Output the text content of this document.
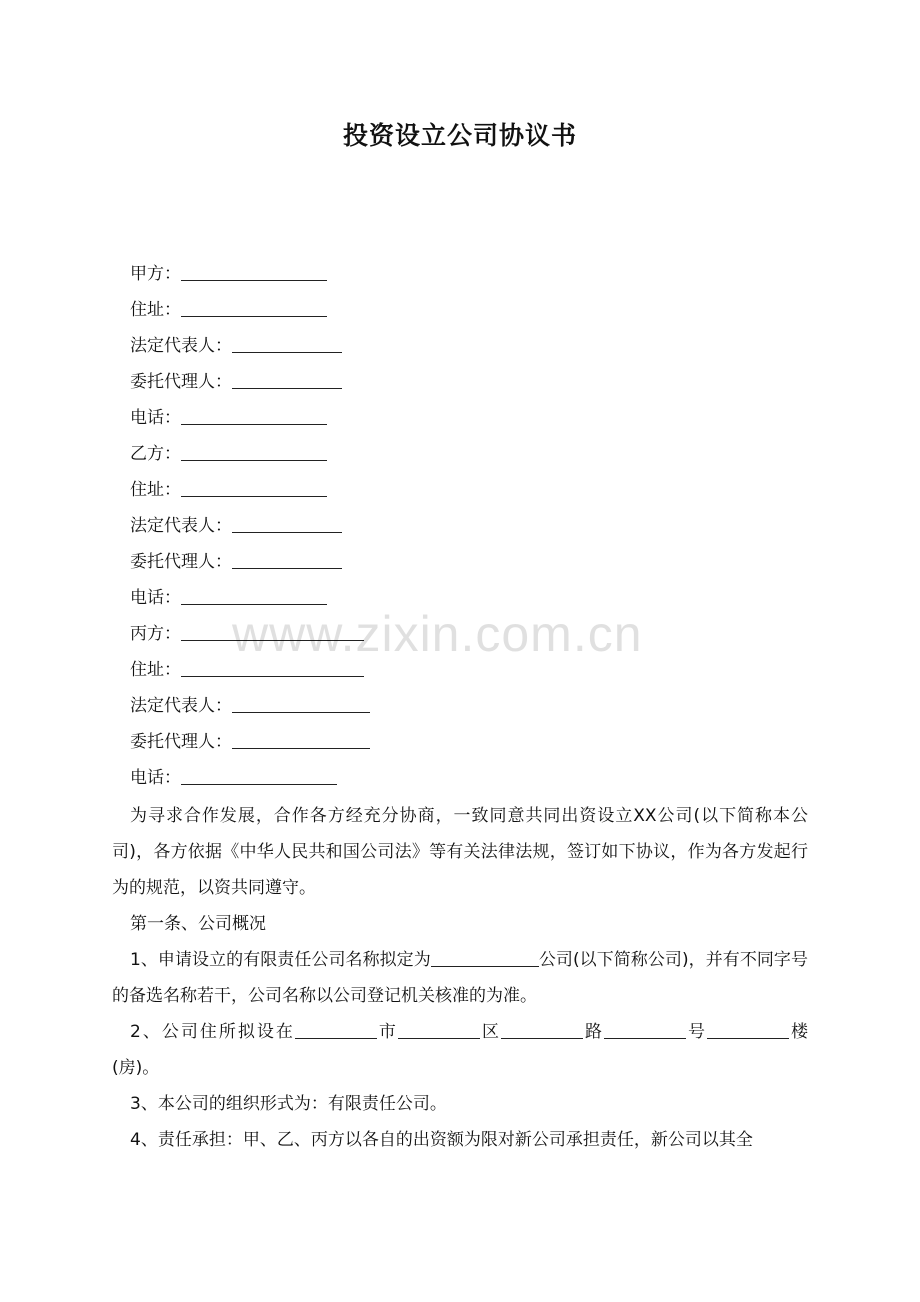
投资设立公司协议书
甲方：
住址：
法定代表人：
委托代理人：
电话：
乙方：
住址：
法定代表人：
委托代理人：
电话：
丙方：
住址：
法定代表人：
委托代理人：
电话：

为寻求合作发展，合作各方经充分协商，一致同意共同出资设立XX公司(以下简称本公司)，各方依据《中华人民共和国公司法》等有关法律法规，签订如下协议，作为各方发起行为的规范，以资共同遵守。

第一条、公司概况

1、申请设立的有限责任公司名称拟定为	公司(以下简称公司)，并有不同字号的备选名称若干，公司名称以公司登记机关核准的为准。

2、公司住所拟设在	市	区	路	号	楼(房)。

3、本公司的组织形式为：有限责任公司。

4、责任承担：甲、乙、丙方以各自的出资额为限对新公司承担责任，新公司以其全

www.zixin.com.cn
